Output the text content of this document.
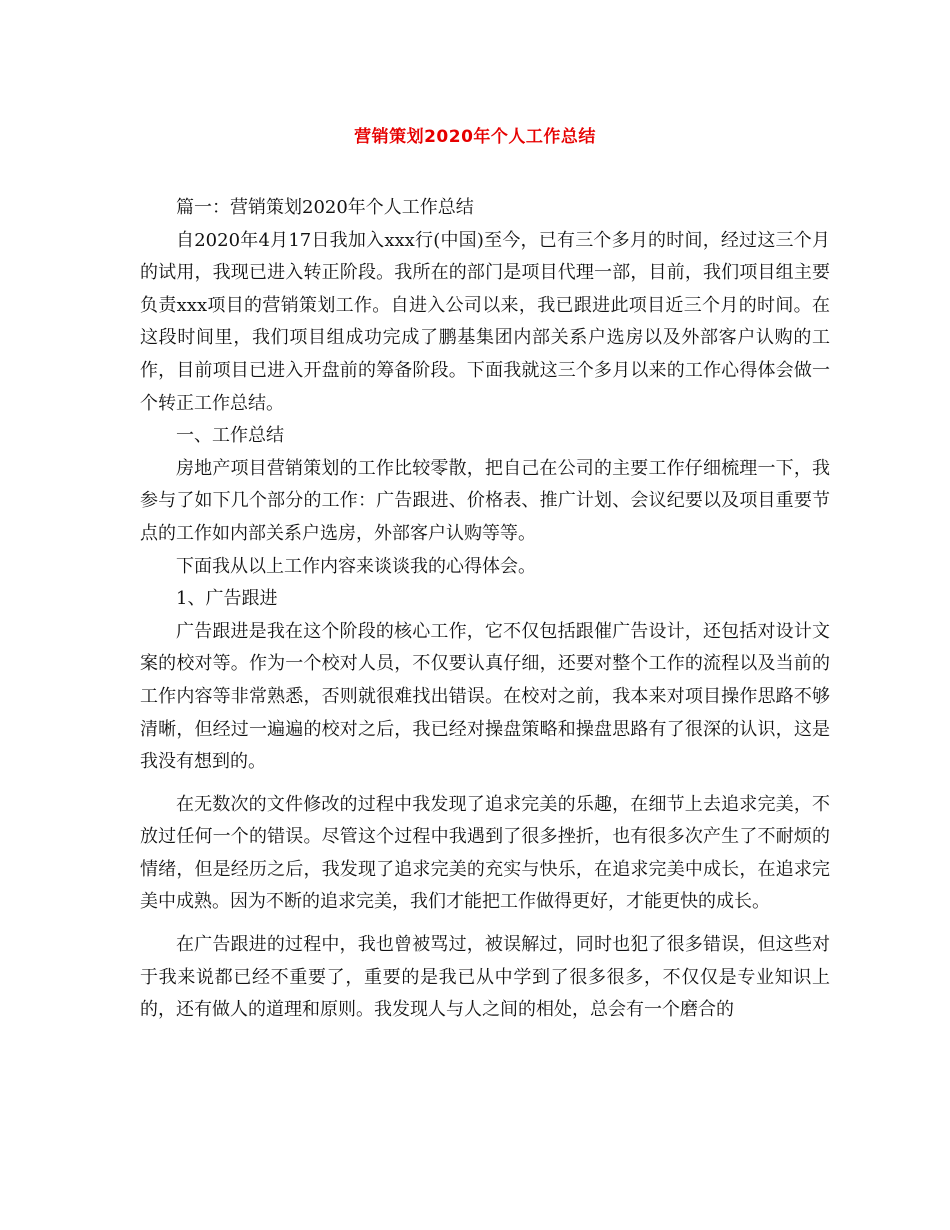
营销策划2020年个人工作总结

篇一：营销策划2020年个人工作总结

自2020年4月17日我加入xxx行(中国)至今，已有三个多月的时间，经过这三个月的试用，我现已进入转正阶段。我所在的部门是项目代理一部，目前，我们项目组主要负责xxx项目的营销策划工作。自进入公司以来，我已跟进此项目近三个月的时间。在这段时间里，我们项目组成功完成了鹏基集团内部关系户选房以及外部客户认购的工作，目前项目已进入开盘前的筹备阶段。下面我就这三个多月以来的工作心得体会做一个转正工作总结。

一、工作总结

房地产项目营销策划的工作比较零散，把自己在公司的主要工作仔细梳理一下，我参与了如下几个部分的工作：广告跟进、价格表、推广计划、会议纪要以及项目重要节点的工作如内部关系户选房，外部客户认购等等。

下面我从以上工作内容来谈谈我的心得体会。

1、广告跟进

广告跟进是我在这个阶段的核心工作，它不仅包括跟催广告设计，还包括对设计文案的校对等。作为一个校对人员，不仅要认真仔细，还要对整个工作的流程以及当前的工作内容等非常熟悉，否则就很难找出错误。在校对之前，我本来对项目操作思路不够清晰，但经过一遍遍的校对之后，我已经对操盘策略和操盘思路有了很深的认识，这是我没有想到的。

在无数次的文件修改的过程中我发现了追求完美的乐趣，在细节上去追求完美，不放过任何一个的错误。尽管这个过程中我遇到了很多挫折，也有很多次产生了不耐烦的情绪，但是经历之后，我发现了追求完美的充实与快乐，在追求完美中成长，在追求完美中成熟。因为不断的追求完美，我们才能把工作做得更好，才能更快的成长。

在广告跟进的过程中，我也曾被骂过，被误解过，同时也犯了很多错误，但这些对于我来说都已经不重要了，重要的是我已从中学到了很多很多，不仅仅是专业知识上的，还有做人的道理和原则。我发现人与人之间的相处，总会有一个磨合的
